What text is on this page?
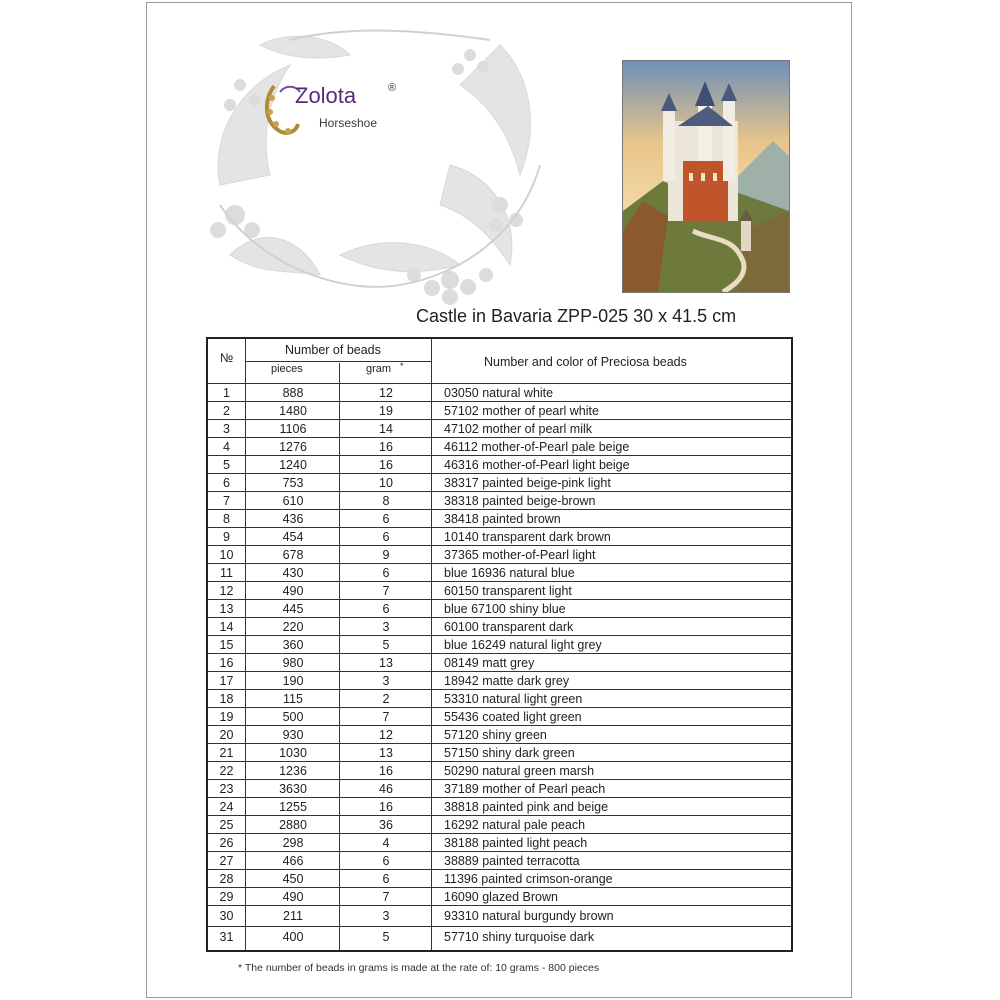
Zolota	®
Horseshoe
Castle in Bavaria ZPP-025 30 x 41.5 cm
№
Number of beads
pieces	gram *	Number and color of Preciosa beads
1	888	12	03050 natural white
2	1480	19	57102 mother of pearl white
3	1106	14	47102 mother of pearl milk
4	1276	16	46112 mother-of-Pearl pale beige
5	1240	16	46316 mother-of-Pearl light beige
6	753	10	38317 painted beige-pink light
7	610	8	38318 painted beige-brown
8	436	6	38418 painted brown
9	454	6	10140 transparent dark brown
10	678	9	37365 mother-of-Pearl light
11	430	6	blue 16936 natural blue
12	490	7	60150 transparent light
13	445	6	blue 67100 shiny blue
14	220	3	60100 transparent dark
15	360	5	blue 16249 natural light grey
16	980	13	08149 matt grey
17	190	3	18942 matte dark grey
18	115	2	53310 natural light green
19	500	7	55436 coated light green
20	930	12	57120 shiny green
21	1030	13	57150 shiny dark green
22	1236	16	50290 natural green marsh
23	3630	46	37189 mother of Pearl peach
24	1255	16	38818 painted pink and beige
25	2880	36	16292 natural pale peach
26	298	4	38188 painted light peach
27	466	6	38889 painted terracotta
28	450	6	11396 painted crimson-orange
29	490	7	16090 glazed Brown
30	211	3	93310 natural burgundy brown
31	400	5	57710 shiny turquoise dark
* The number of beads in grams is made at the rate of: 10 grams - 800 pieces
